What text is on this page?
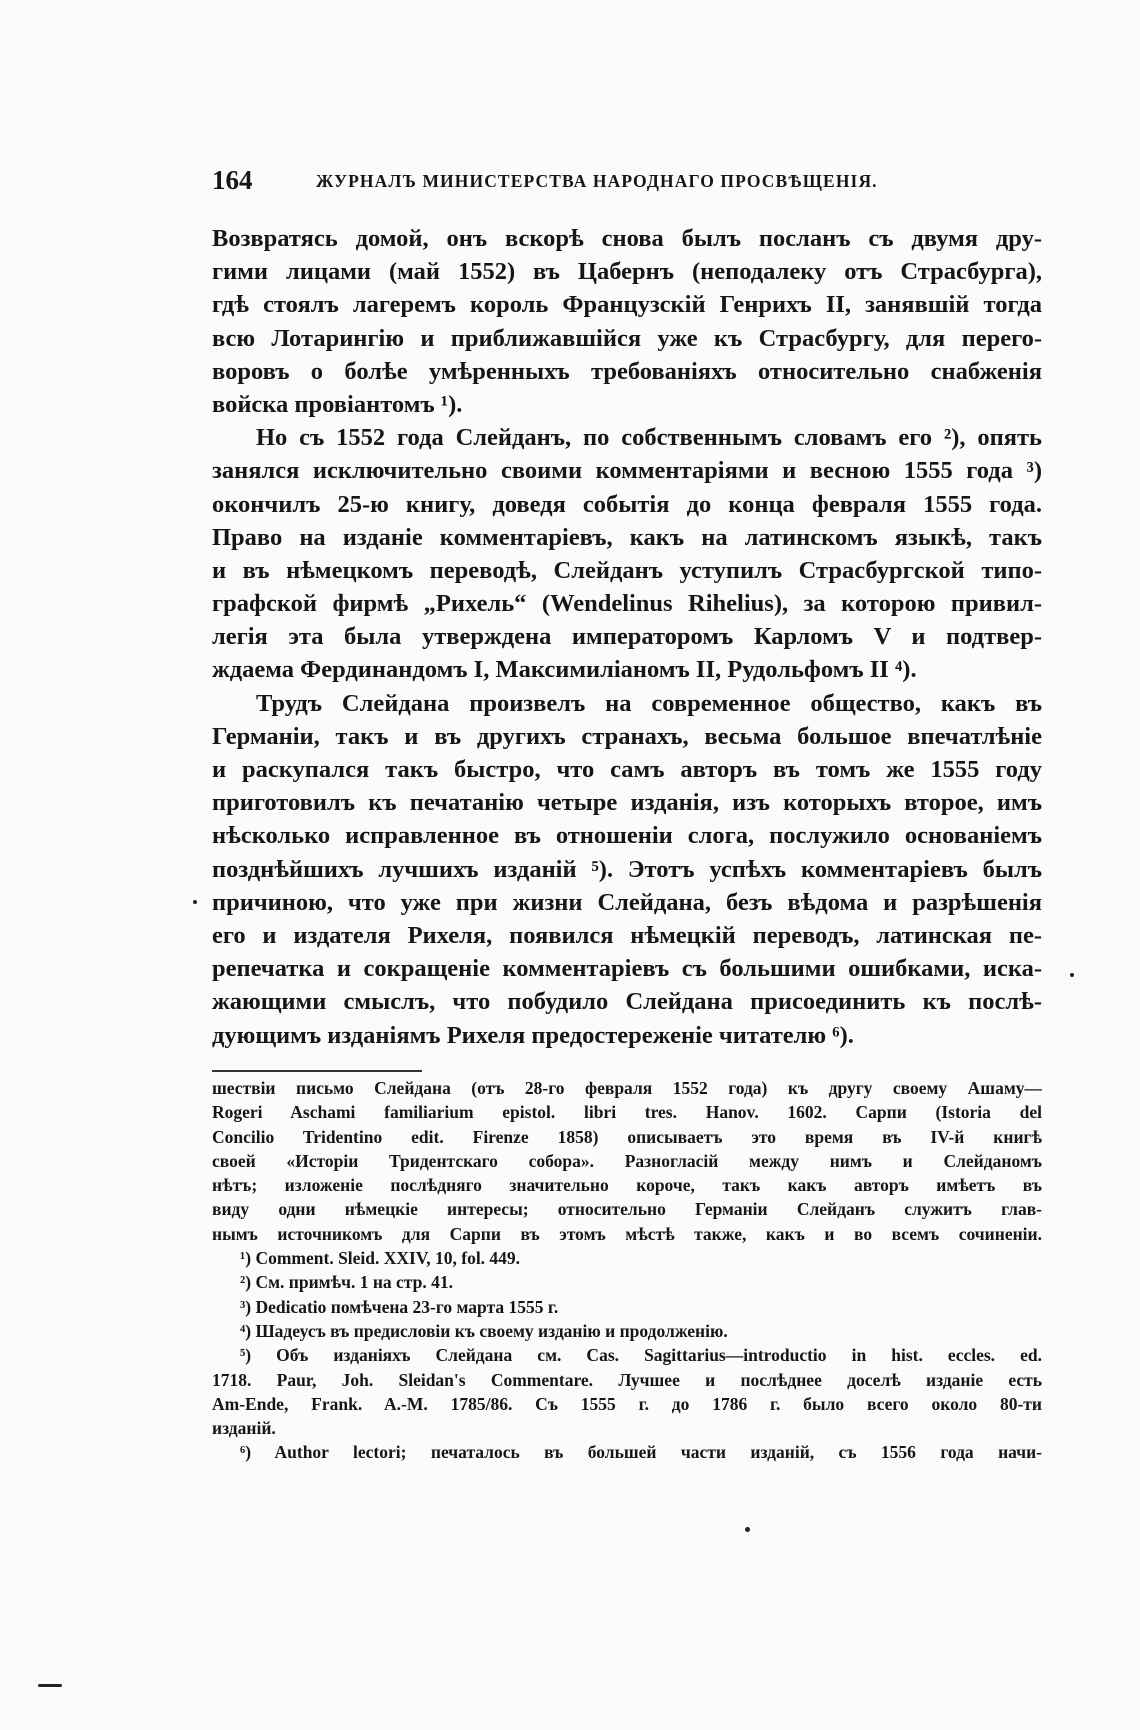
164	ЖУРНАЛЪ МИНИСТЕРСТВА НАРОДНАГО ПРОСВѢЩЕНІЯ.
Возвратясь домой, онъ вскорѣ снова былъ посланъ съ двумя дру-
гими лицами (май 1552) въ Цабернъ (неподалеку отъ Страсбурга),
гдѣ стоялъ лагеремъ король Французскій Генрихъ II, занявшій тогда
всю Лотарингію и приближавшійся уже къ Страсбургу, для перего-
воровъ о болѣе умѣренныхъ требованіяхъ относительно снабженія
войска провіантомъ ¹).
Но съ 1552 года Слейданъ, по собственнымъ словамъ его ²), опять
занялся исключительно своими комментаріями и весною 1555 года ³)
окончилъ 25-ю книгу, доведя событія до конца февраля 1555 года.
Право на изданіе комментаріевъ, какъ на латинскомъ языкѣ, такъ
и въ нѣмецкомъ переводѣ, Слейданъ уступилъ Страсбургской типо-
графской фирмѣ „Рихель“ (Wendelinus Rihelius), за которою привил-
легія эта была утверждена императоромъ Карломъ V и подтвер-
ждаема Фердинандомъ I, Максимиліаномъ II, Рудольфомъ II ⁴).
Трудъ Слейдана произвелъ на современное общество, какъ въ
Германіи, такъ и въ другихъ странахъ, весьма большое впечатлѣніе
и раскупался такъ быстро, что самъ авторъ въ томъ же 1555 году
приготовилъ къ печатанію четыре изданія, изъ которыхъ второе, имъ
нѣсколько исправленное въ отношеніи слога, послужило основаніемъ
позднѣйшихъ лучшихъ изданій ⁵). Этотъ успѣхъ комментаріевъ былъ
причиною, что уже при жизни Слейдана, безъ вѣдома и разрѣшенія
его и издателя Рихеля, появился нѣмецкій переводъ, латинская пе-
репечатка и сокращеніе комментаріевъ съ большими ошибками, иска-
жающими смыслъ, что побудило Слейдана присоединить къ послѣ-
дующимъ изданіямъ Рихеля предостереженіе читателю ⁶).
шествіи письмо Слейдана (отъ 28-го февраля 1552 года) къ другу своему Ашаму—
Rogeri Aschami familiarium epistol. libri tres. Hanov. 1602. Сарпи (Istoria del
Concilio Tridentino edit. Firenze 1858) описываетъ это время въ IV-й книгѣ
своей «Исторіи Тридентскаго собора». Разногласій между нимъ и Слейданомъ
нѣтъ; изложеніе послѣдняго значительно короче, такъ какъ авторъ имѣетъ въ
виду одни нѣмецкіе интересы; относительно Германіи Слейданъ служитъ глав-
нымъ источникомъ для Сарпи въ этомъ мѣстѣ также, какъ и во всемъ сочиненіи.
¹) Comment. Sleid. XXIV, 10, fol. 449.
²) См. примѣч. 1 на стр. 41.
³) Dedicatio помѣчена 23-го марта 1555 г.
⁴) Шадеусъ въ предисловіи къ своему изданію и продолженію.
⁵) Объ изданіяхъ Слейдана см. Cas. Sagittarius—introductio in hist. eccles. ed.
1718. Paur, Joh. Sleidan's Commentare. Лучшее и послѣднее доселѣ изданіе есть
Am-Ende, Frank. A.-M. 1785/86. Съ 1555 г. до 1786 г. было всего около 80-ти
изданій.
⁶) Author lectori; печаталось въ большей части изданій, съ 1556 года начи-
